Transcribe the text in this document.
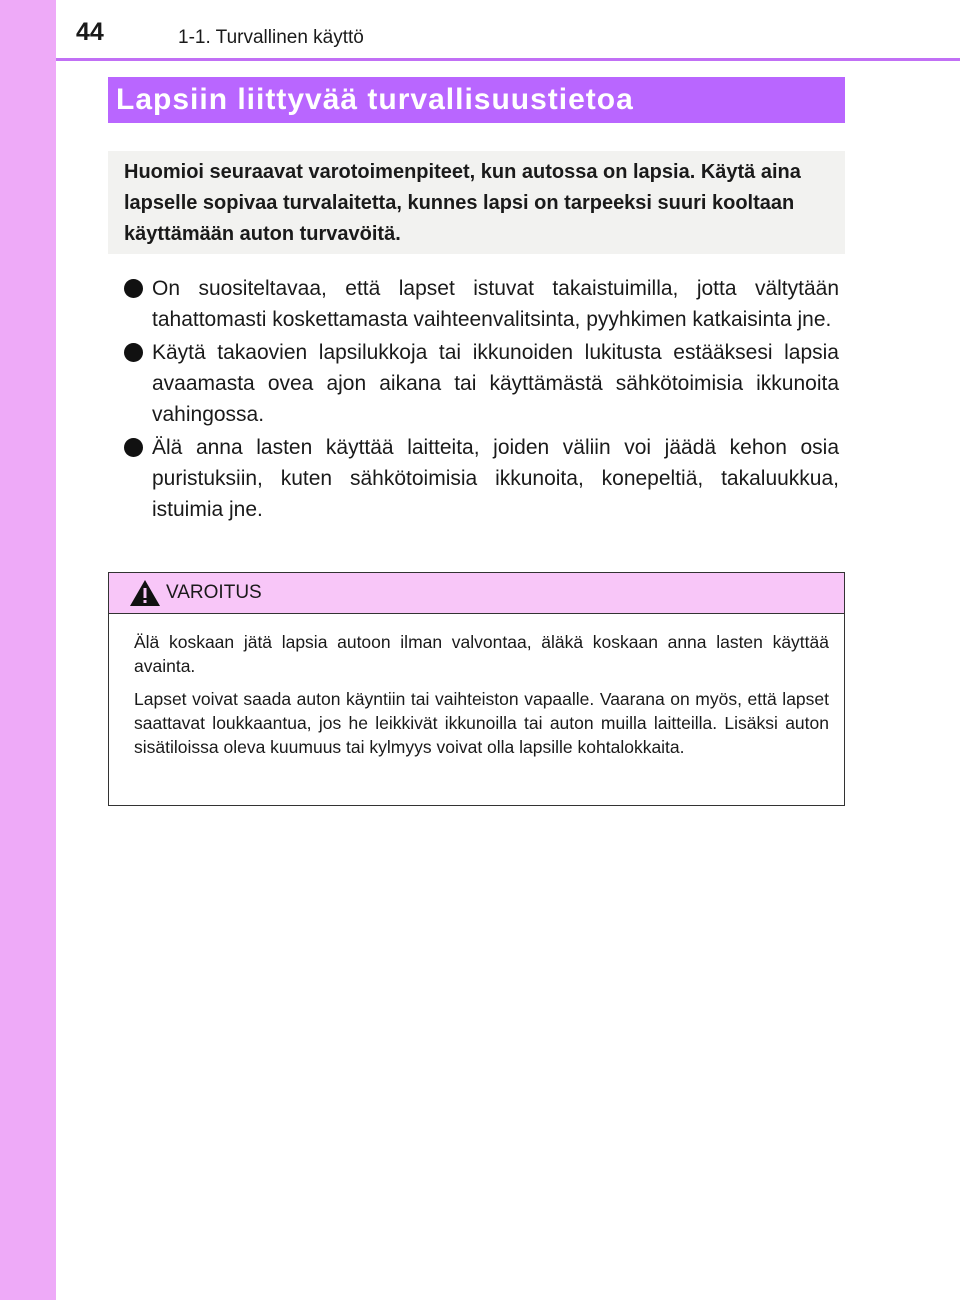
44	1-1. Turvallinen käyttö
Lapsiin liittyvää turvallisuustietoa
Huomioi seuraavat varotoimenpiteet, kun autossa on lapsia. Käytä aina lapselle sopivaa turvalaitetta, kunnes lapsi on tarpeeksi suuri kooltaan käyttämään auton turvavöitä.
On suositeltavaa, että lapset istuvat takaistuimilla, jotta vältytään tahattomasti koskettamasta vaihteenvalitsinta, pyyhkimen katkaisinta jne.
Käytä takaovien lapsilukkoja tai ikkunoiden lukitusta estääksesi lapsia avaamasta ovea ajon aikana tai käyttämästä sähkötoimisia ikkunoita vahingossa.
Älä anna lasten käyttää laitteita, joiden väliin voi jäädä kehon osia puristuksiin, kuten sähkötoimisia ikkunoita, konepeltiä, takaluukkua, istuimia jne.
VAROITUS

Älä koskaan jätä lapsia autoon ilman valvontaa, äläkä koskaan anna lasten käyttää avainta.

Lapset voivat saada auton käyntiin tai vaihteiston vapaalle. Vaarana on myös, että lapset saattavat loukkaantua, jos he leikkivät ikkunoilla tai auton muilla laitteilla. Lisäksi auton sisätiloissa oleva kuumuus tai kylmyys voivat olla lapsille kohtalokkaita.
